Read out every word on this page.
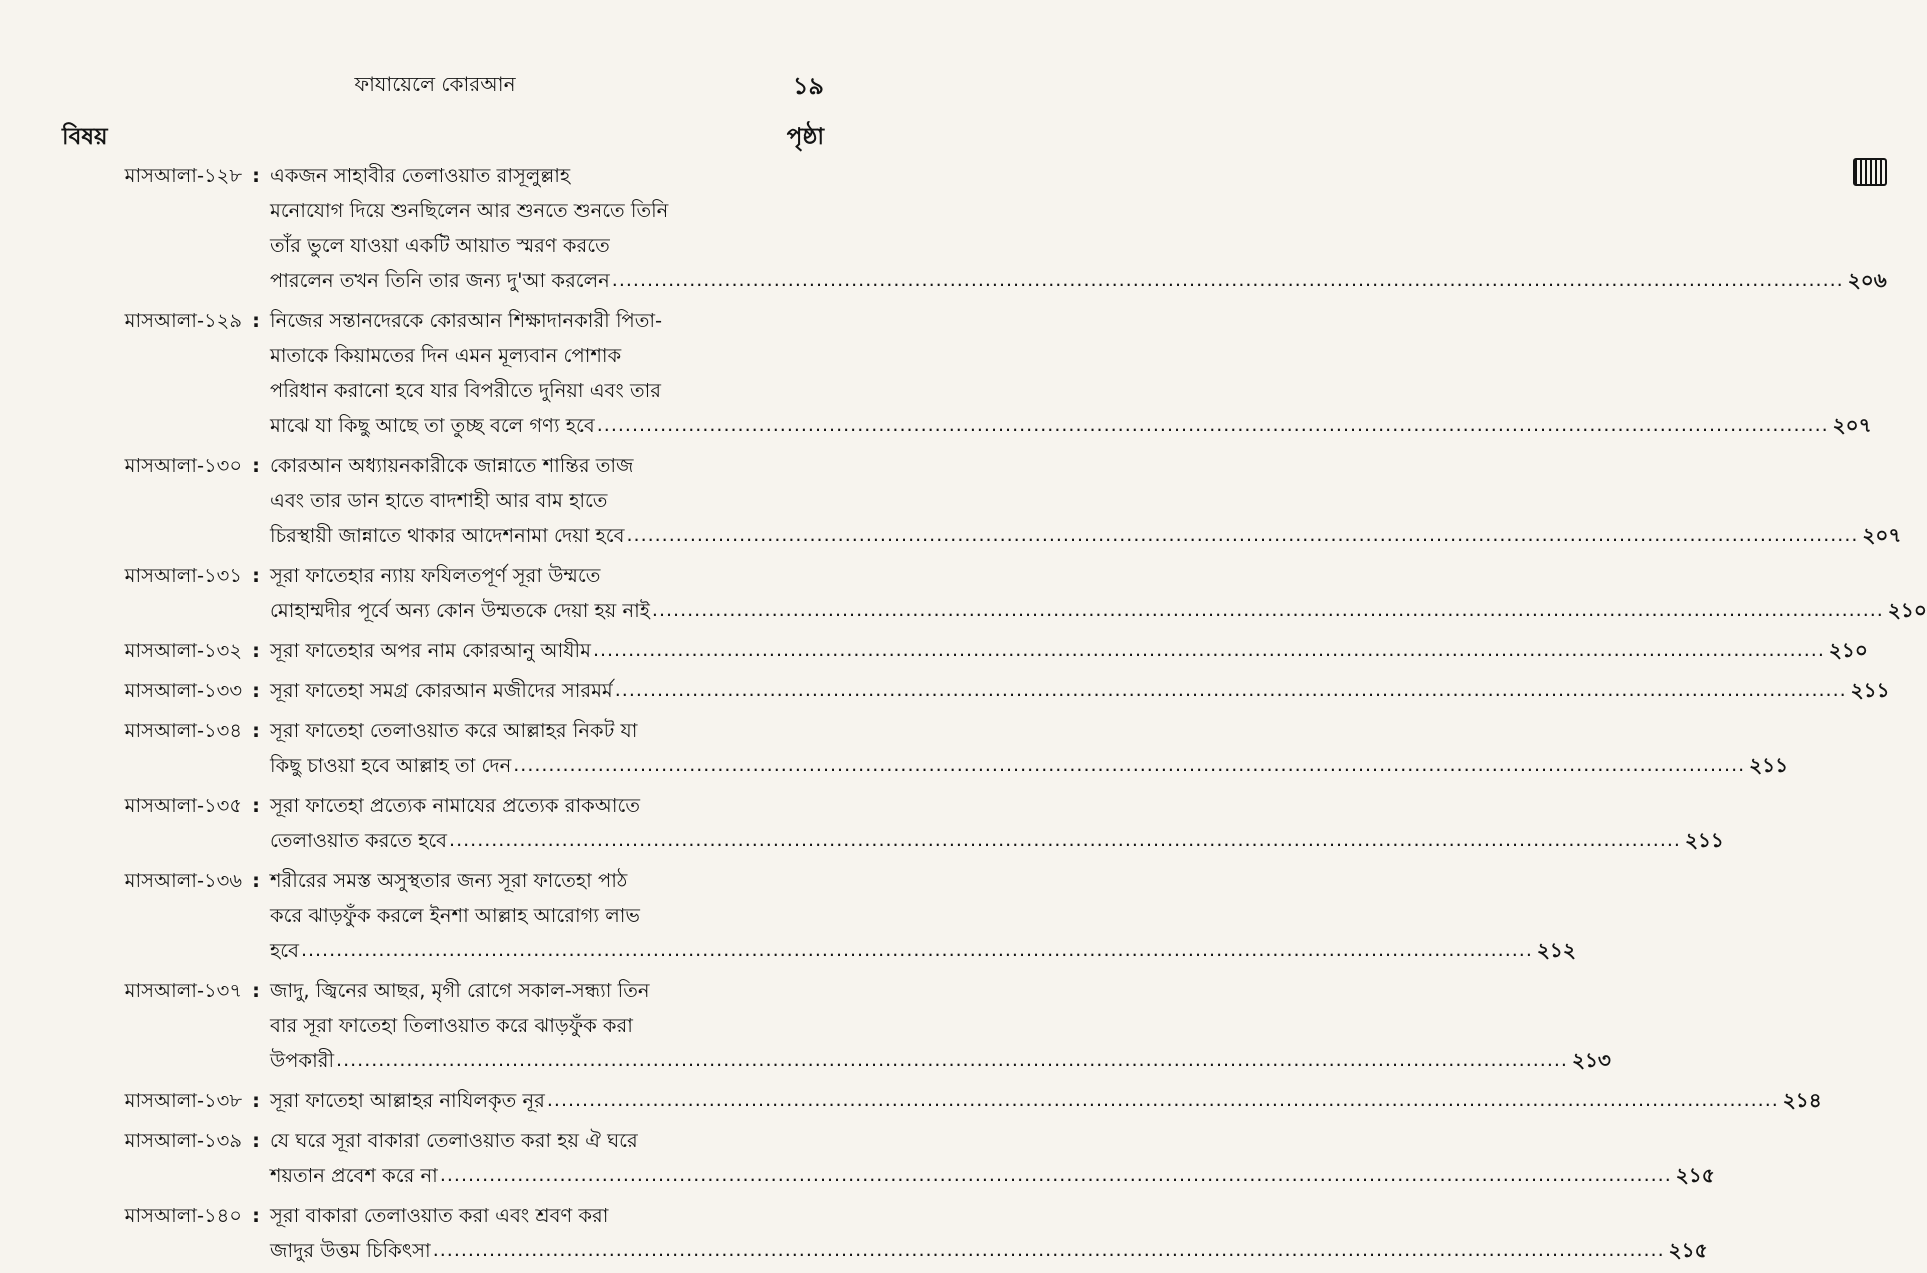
ফাযায়েলে কোরআন	১৯
বিষয়	পৃষ্ঠা
মাসআলা-১২৮ : একজন সাহাবীর তেলাওয়াত রাসূলুল্লাহ
মনোযোগ দিয়ে শুনছিলেন আর শুনতে শুনতে তিনি
তাঁর ভুলে যাওয়া একটি আয়াত স্মরণ করতে
পারলেন তখন তিনি তার জন্য দু'আ করলেন .....	২০৬
মাসআলা-১২৯ : নিজের সন্তানদেরকে কোরআন শিক্ষাদানকারী পিতা-
মাতাকে কিয়ামতের দিন এমন মূল্যবান পোশাক
পরিধান করানো হবে যার বিপরীতে দুনিয়া এবং তার
মাঝে যা কিছু আছে তা তুচ্ছ বলে গণ্য হবে .....	২০৭
মাসআলা-১৩০ : কোরআন অধ্যায়নকারীকে জান্নাতে শান্তির তাজ
এবং তার ডান হাতে বাদশাহী আর বাম হাতে
চিরস্থায়ী জান্নাতে থাকার আদেশনামা দেয়া হবে .....	২০৭
মাসআলা-১৩১ : সূরা ফাতেহার ন্যায় ফযিলতপূর্ণ সূরা উম্মতে
মোহাম্মদীর পূর্বে অন্য কোন উম্মতকে দেয়া হয় নাই .....	২১০
মাসআলা-১৩২ : সূরা ফাতেহার অপর নাম কোরআনু আযীম .....	২১০
মাসআলা-১৩৩ : সূরা ফাতেহা সমগ্র কোরআন মজীদের সারমর্ম .....	২১১
মাসআলা-১৩৪ : সূরা ফাতেহা তেলাওয়াত করে আল্লাহর নিকট যা
কিছু চাওয়া হবে আল্লাহ তা দেন .....	২১১
মাসআলা-১৩৫ : সূরা ফাতেহা প্রত্যেক নামাযের প্রত্যেক রাকআতে
তেলাওয়াত করতে হবে .....	২১১
মাসআলা-১৩৬ : শরীরের সমস্ত অসুস্থতার জন্য সূরা ফাতেহা পাঠ
করে ঝাড়ফুঁক করলে ইনশা আল্লাহ আরোগ্য লাভ
হবে .....	২১২
মাসআলা-১৩৭ : জাদু, জ্বিনের আছর, মৃগী রোগে সকাল-সন্ধ্যা তিন
বার সূরা ফাতেহা তিলাওয়াত করে ঝাড়ফুঁক করা
উপকারী .....	২১৩
মাসআলা-১৩৮ : সূরা ফাতেহা আল্লাহর নাযিলকৃত নূর .....	২১৪
মাসআলা-১৩৯ : যে ঘরে সূরা বাকারা তেলাওয়াত করা হয় ঐ ঘরে
শয়তান প্রবেশ করে না .....	২১৫
মাসআলা-১৪০ : সূরা বাকারা তেলাওয়াত করা এবং শ্রবণ করা
জাদুর উত্তম চিকিৎসা .....	২১৫
